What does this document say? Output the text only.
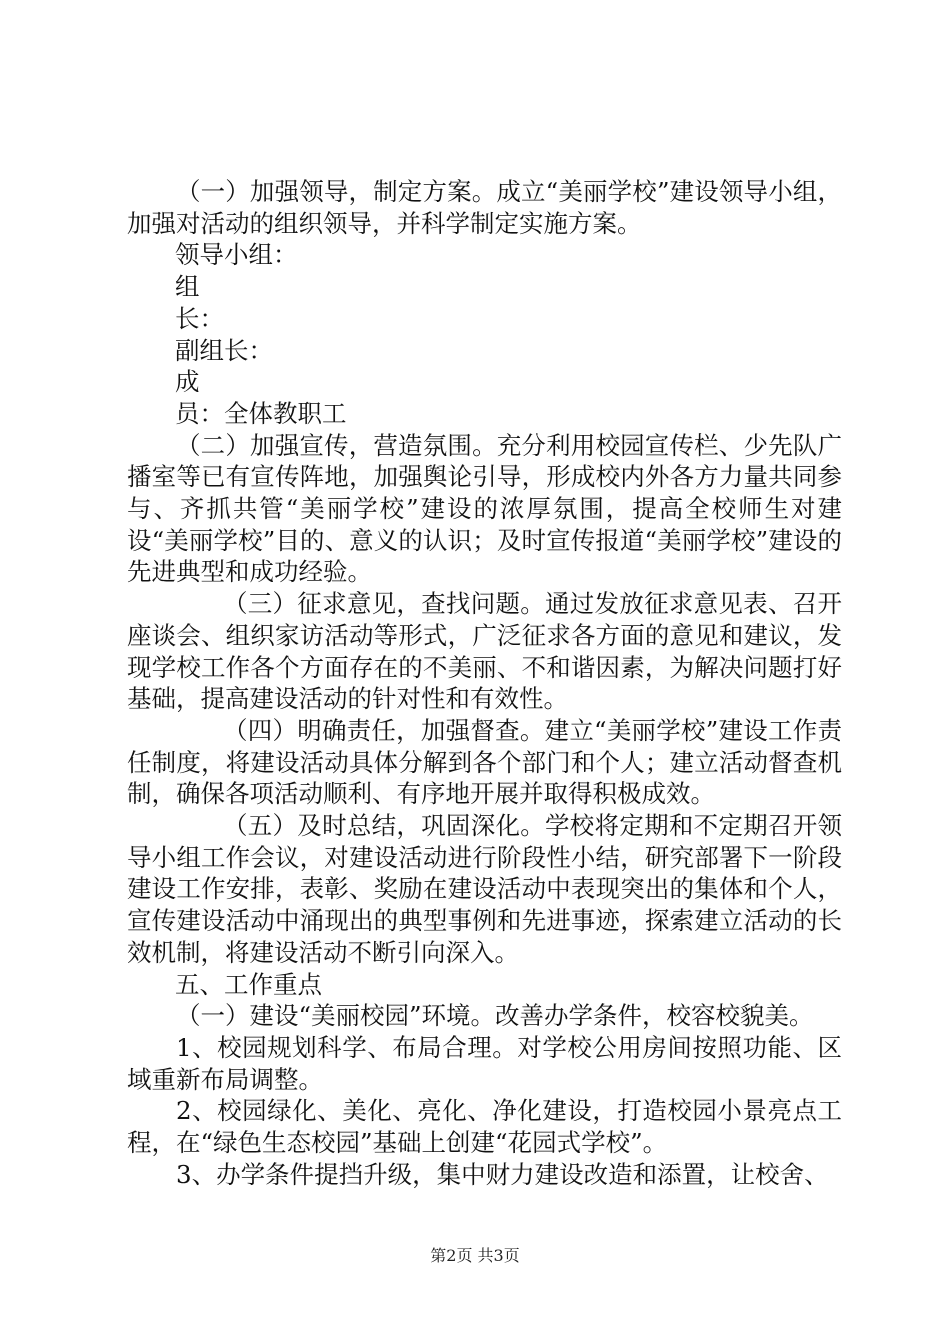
（一）加强领导，制定方案。成立“美丽学校”建设领导小组，加强对活动的组织领导，并科学制定实施方案。

领导小组：

组

长：

副组长：

成

员：全体教职工

（二）加强宣传，营造氛围。充分利用校园宣传栏、少先队广播室等已有宣传阵地，加强舆论引导，形成校内外各方力量共同参与、齐抓共管“美丽学校”建设的浓厚氛围，提高全校师生对建设“美丽学校”目的、意义的认识；及时宣传报道“美丽学校”建设的先进典型和成功经验。

（三）征求意见，查找问题。通过发放征求意见表、召开座谈会、组织家访活动等形式，广泛征求各方面的意见和建议，发现学校工作各个方面存在的不美丽、不和谐因素，为解决问题打好基础，提高建设活动的针对性和有效性。

（四）明确责任，加强督查。建立“美丽学校”建设工作责任制度，将建设活动具体分解到各个部门和个人；建立活动督查机制，确保各项活动顺利、有序地开展并取得积极成效。

（五）及时总结，巩固深化。学校将定期和不定期召开领导小组工作会议，对建设活动进行阶段性小结，研究部署下一阶段建设工作安排，表彰、奖励在建设活动中表现突出的集体和个人，宣传建设活动中涌现出的典型事例和先进事迹，探索建立活动的长效机制，将建设活动不断引向深入。

五、工作重点

（一）建设“美丽校园”环境。改善办学条件，校容校貌美。

1、校园规划科学、布局合理。对学校公用房间按照功能、区域重新布局调整。

2、校园绿化、美化、亮化、净化建设，打造校园小景亮点工程，在“绿色生态校园”基础上创建“花园式学校”。

3、办学条件提挡升级，集中财力建设改造和添置，让校舍、

第2页 共3页
